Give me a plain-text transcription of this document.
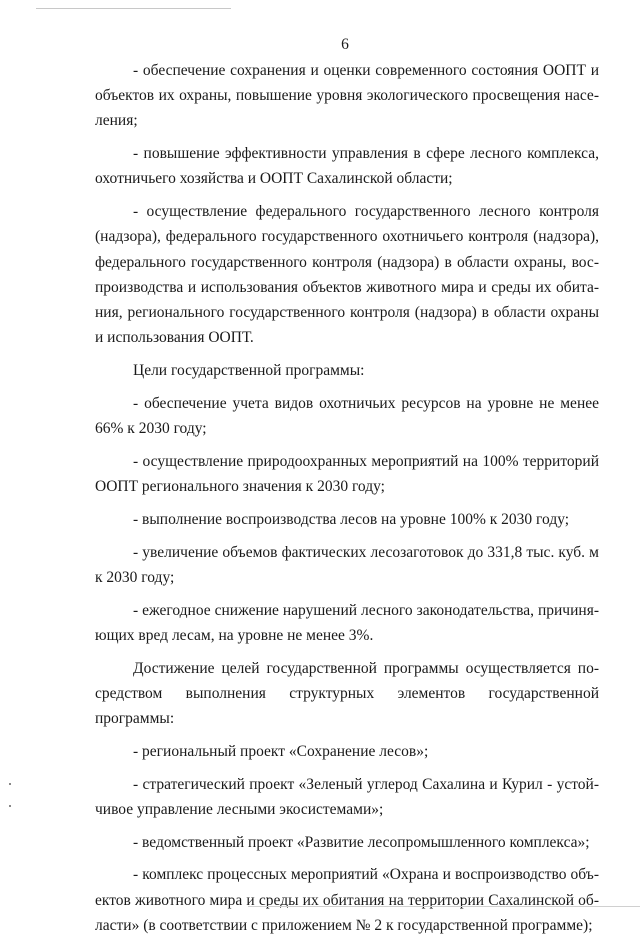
6

- обеспечение сохранения и оценки современного состояния ООПТ и объектов их охраны, повышение уровня экологического просвещения населения;

- повышение эффективности управления в сфере лесного комплекса, охотничьего хозяйства и ООПТ Сахалинской области;

- осуществление федерального государственного лесного контроля (надзора), федерального государственного охотничьего контроля (надзора), федерального государственного контроля (надзора) в области охраны, воспроизводства и использования объектов животного мира и среды их обитания, регионального государственного контроля (надзора) в области охраны и использования ООПТ.

Цели государственной программы:

- обеспечение учета видов охотничьих ресурсов на уровне не менее 66% к 2030 году;

- осуществление природоохранных мероприятий на 100% территорий ООПТ регионального значения к 2030 году;

- выполнение воспроизводства лесов на уровне 100% к 2030 году;

- увеличение объемов фактических лесозаготовок до 331,8 тыс. куб. м к 2030 году;

- ежегодное снижение нарушений лесного законодательства, причиняющих вред лесам, на уровне не менее 3%.

Достижение целей государственной программы осуществляется посредством выполнения структурных элементов государственной программы:

- региональный проект «Сохранение лесов»;

- стратегический проект «Зеленый углерод Сахалина и Курил - устойчивое управление лесными экосистемами»;

- ведомственный проект «Развитие лесопромышленного комплекса»;

- комплекс процессных мероприятий «Охрана и воспроизводство объектов животного мира и среды их обитания на территории Сахалинской области» (в соответствии с приложением № 2 к государственной программе);
